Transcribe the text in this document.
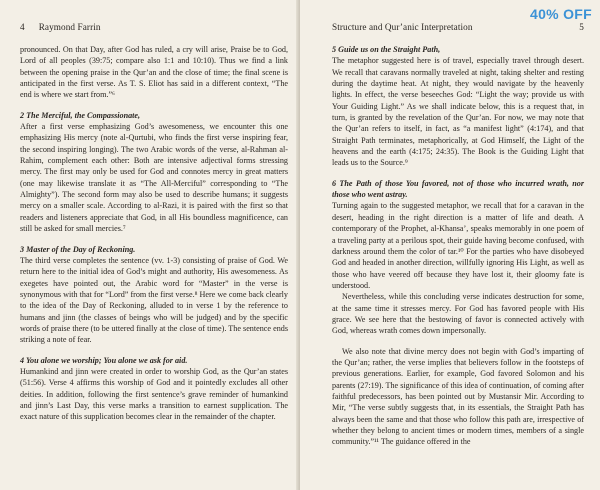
4 Raymond Farrin

pronounced. On that Day, after God has ruled, a cry will arise, Praise be to God, Lord of all peoples (39:75; compare also 1:1 and 10:10). Thus we find a link between the opening praise in the Qur’an and the close of time; the final scene is anticipated in the first verse. As T. S. Eliot has said in a different context, “The end is where we start from.”⁶

2 The Merciful, the Compassionate,

After a first verse emphasizing God’s awesomeness, we encounter this one emphasizing His mercy (note al-Qurtubi, who finds the first verse inspiring fear, the second inspiring longing). The two Arabic words of the verse, al-Rahman al-Rahim, complement each other: Both are intensive adjectival forms stressing mercy. The first may only be used for God and connotes mercy in great matters (one may likewise translate it as “The All-Merciful” corresponding to “The Almighty”). The second form may also be used to describe humans; it suggests mercy on a smaller scale. According to al-Razi, it is paired with the first so that readers and listeners appreciate that God, in all His boundless magnificence, can still be asked for small mercies.⁷

3 Master of the Day of Reckoning.

The third verse completes the sentence (vv. 1-3) consisting of praise of God. We return here to the initial idea of God’s might and authority, His awesomeness. As exegetes have pointed out, the Arabic word for “Master” in the verse is synonymous with that for “Lord” from the first verse.⁸ Here we come back clearly to the idea of the Day of Reckoning, alluded to in verse 1 by the reference to humans and jinn (the classes of beings who will be judged) and by the specific words of praise there (to be uttered finally at the close of time). The sentence ends striking a note of fear.

4 You alone we worship; You alone we ask for aid.

Humankind and jinn were created in order to worship God, as the Qur’an states (51:56). Verse 4 affirms this worship of God and it pointedly excludes all other deities. In addition, following the first sentence’s grave reminder of humankind and jinn’s Last Day, this verse marks a transition to earnest supplication. The exact nature of this supplication becomes clear in the remainder of the chapter.

Structure and Qur’anic Interpretation	5

5 Guide us on the Straight Path,

The metaphor suggested here is of travel, especially travel through desert. We recall that caravans normally traveled at night, taking shelter and resting during the daytime heat. At night, they would navigate by the heavenly lights. In effect, the verse beseeches God: “Light the way; provide us with Your Guiding Light.” As we shall indicate below, this is a request that, in turn, is granted by the revelation of the Qur’an. For now, we may note that the Qur’an refers to itself, in fact, as “a manifest light” (4:174), and that Straight Path terminates, metaphorically, at God Himself, the Light of the heavens and the earth (4:175; 24:35). The Book is the Guiding Light that leads us to the Source.⁹

6 The Path of those You favored, not of those who incurred wrath, nor those who went astray.

Turning again to the suggested metaphor, we recall that for a caravan in the desert, heading in the right direction is a matter of life and death. A contemporary of the Prophet, al-Khansa’, speaks memorably in one poem of a traveling party at a perilous spot, their guide having become confused, with darkness around them the color of tar.¹⁰ For the parties who have disobeyed God and headed in another direction, willfully ignoring His Light, as well as those who have veered off because they have lost it, their gloomy fate is understood.

Nevertheless, while this concluding verse indicates destruction for some, at the same time it stresses mercy. For God has favored people with His grace. We see here that the bestowing of favor is connected actively with God, whereas wrath comes down impersonally.

We also note that divine mercy does not begin with God’s imparting of the Qur’an; rather, the verse implies that believers follow in the footsteps of previous generations. Earlier, for example, God favored Solomon and his parents (27:19). The significance of this idea of continuation, of coming after faithful predecessors, has been pointed out by Mustansir Mir. According to Mir, “The verse subtly suggests that, in its essentials, the Straight Path has always been the same and that those who follow this path are, irrespective of whether they belong to ancient times or modern times, members of a single community.”¹¹ The guidance offered in the

40% OFF
